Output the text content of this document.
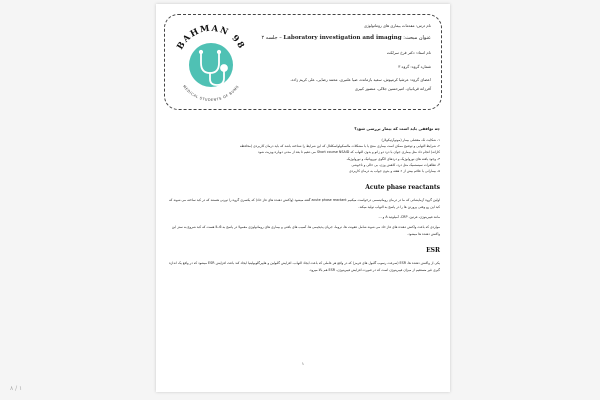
BAHMAN 98
MEDICAL STUDENTS OF BUMS
نام درس: مقدمات بیماری های روماتولوژی
عنوان مبحث: Laboratory investigation and imaging – جلسه ۲
نام استاد: دکتر فرخ سرلکت
شماره گروه: گروه ۳
اعضای گروه: عرشیا کرمپوش، سعید بازمانده، ضیا علنبری، محمد رضایی، علی کریم زاده،
آفرزانه قربانیان، امیرحسین جلالی، منصور کبیری
چه توافقی باید است که بیمار بررسی شود؟
۱- شکایت تک مفصلی بیمار (مونوآرتیکولار)
۲- شرایط التهابی و توضیح ممکن است بیماری منتج یا با مشکلات مالسکولواسکلتال که این شرایط را شناخته باشد که باید درمان کاربردی (محافظه
کارانه) انجام داد مثل بیماری جوان با درد دو زانو و بدون التهاب که Short course NSAID می دهیم تا بعد از مدتی دوباره ویزیت شود
۳- وجود یافته های نورولوژیک و دردهای الگوی نوروپاتیک و نورولوژیک
۴- تظاهرات سیستمیک مثل درد، کاهش وزن، بی حالی و ناخوشی
۵- بیمارانی با علائم بیش از ۶ هفته و بدون جواب به درمان کاربردی
Acute phase reactants
اولین گروه آزمایشاتی که ما در درمان روماتیسمی درخواست میکنیم acute phase reactant گفته میشود (واکنش دهنده های فاز حاد) که یکسری گروه را تورنی هستند که در کبد ساخته می شوند که کبد این رو وقتی پرورتن ها را در پاسخ به التهاب تولید میکند.
مانند فیبرینوژن، فرتین، CRP، آمیلوئید A و ...
مواردی که باعث واکنش دهنده های فاز حاد می شوند شامل عفونت ها، تروما، جریان پذیجیمی ها، آسیب های بافتی و بیماری های روماتولوژی معمولا در پاسخ به IL-6 هست که کبد شروع به ستز این واکنش دهنده ها میشود.
ESR
یکی از واکنش دهنده ها، ESR (سرعت رسوب گلبول های قرمز) که در واقع هر عاملی که باعث ایجاد التهاب، افزایش گلبولین و هایپرگلوبولینیا ایجاد کند باعث افزایش ESR میشود که در واقع یک اندازه گیری غیر مستقیم از میزان فیبرینوژن است که در صورت افزایش فیبرینوژن، ESR هم بالا میرود.
۱
۸ / ۱
